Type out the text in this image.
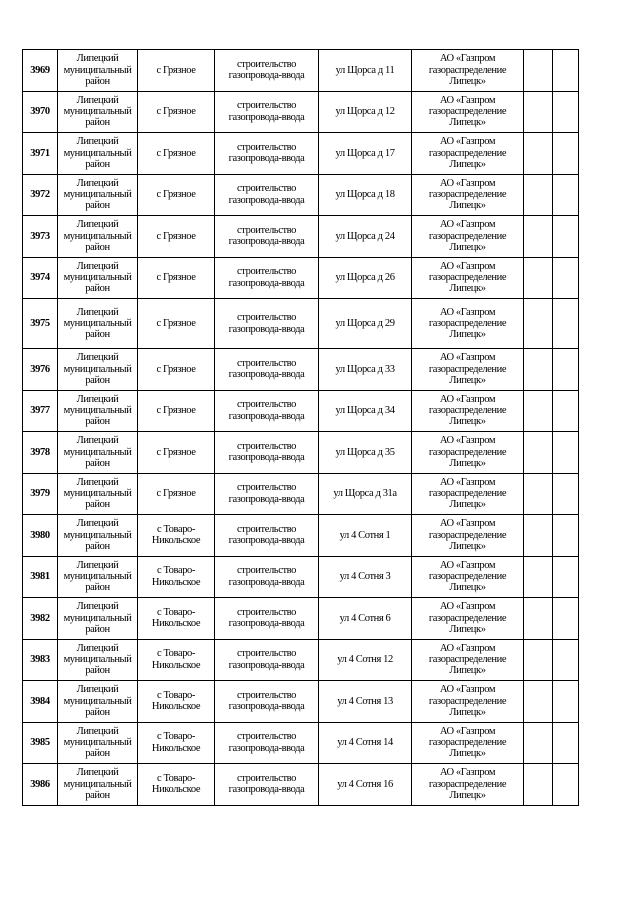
3969	Липецкий муниципальный район	с Грязное	строительство газопровода-ввода	ул Щорса д 11	АО «Газпром газораспределение Липецк»		
3970	Липецкий муниципальный район	с Грязное	строительство газопровода-ввода	ул Щорса д 12	АО «Газпром газораспределение Липецк»		
3971	Липецкий муниципальный район	с Грязное	строительство газопровода-ввода	ул Щорса д 17	АО «Газпром газораспределение Липецк»		
3972	Липецкий муниципальный район	с Грязное	строительство газопровода-ввода	ул Щорса д 18	АО «Газпром газораспределение Липецк»		
3973	Липецкий муниципальный район	с Грязное	строительство газопровода-ввода	ул Щорса д 24	АО «Газпром газораспределение Липецк»		
3974	Липецкий муниципальный район	с Грязное	строительство газопровода-ввода	ул Щорса д 26	АО «Газпром газораспределение Липецк»		
3975	Липецкий муниципальный район	с Грязное	строительство газопровода-ввода	ул Щорса д 29	АО «Газпром газораспределение Липецк»		
3976	Липецкий муниципальный район	с Грязное	строительство газопровода-ввода	ул Щорса д 33	АО «Газпром газораспределение Липецк»		
3977	Липецкий муниципальный район	с Грязное	строительство газопровода-ввода	ул Щорса д 34	АО «Газпром газораспределение Липецк»		
3978	Липецкий муниципальный район	с Грязное	строительство газопровода-ввода	ул Щорса д 35	АО «Газпром газораспределение Липецк»		
3979	Липецкий муниципальный район	с Грязное	строительство газопровода-ввода	ул Щорса д 31а	АО «Газпром газораспределение Липецк»		
3980	Липецкий муниципальный район	с Товаро-Никольское	строительство газопровода-ввода	ул 4 Сотня 1	АО «Газпром газораспределение Липецк»		
3981	Липецкий муниципальный район	с Товаро-Никольское	строительство газопровода-ввода	ул 4 Сотня 3	АО «Газпром газораспределение Липецк»		
3982	Липецкий муниципальный район	с Товаро-Никольское	строительство газопровода-ввода	ул 4 Сотня 6	АО «Газпром газораспределение Липецк»		
3983	Липецкий муниципальный район	с Товаро-Никольское	строительство газопровода-ввода	ул 4 Сотня 12	АО «Газпром газораспределение Липецк»		
3984	Липецкий муниципальный район	с Товаро-Никольское	строительство газопровода-ввода	ул 4 Сотня 13	АО «Газпром газораспределение Липецк»		
3985	Липецкий муниципальный район	с Товаро-Никольское	строительство газопровода-ввода	ул 4 Сотня 14	АО «Газпром газораспределение Липецк»		
3986	Липецкий муниципальный район	с Товаро-Никольское	строительство газопровода-ввода	ул 4 Сотня 16	АО «Газпром газораспределение Липецк»		
